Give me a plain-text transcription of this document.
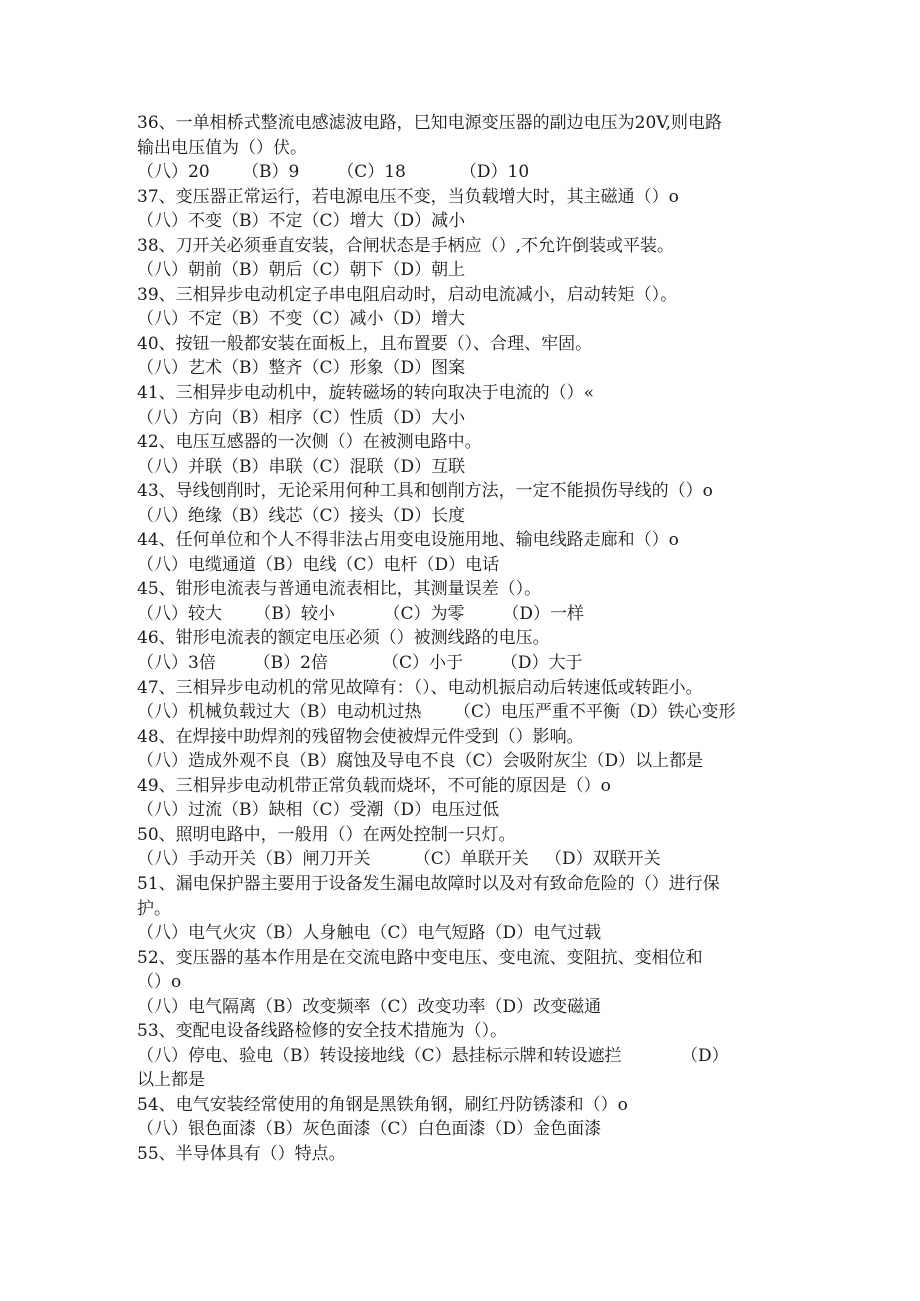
36、一单相桥式整流电感滤波电路，巳知电源变压器的副边电压为20V,则电路
输出电压值为（）伏。
（八）20      （B）9       （C）18          （D）10
37、变压器正常运行，若电源电压不变，当负载增大时，其主磁通（）o
（八）不变（B）不定（C）增大（D）减小
38、刀开关必须垂直安装，合闸状态是手柄应（）,不允许倒装或平装。
（八）朝前（B）朝后（C）朝下（D）朝上
39、三相异步电动机定子串电阻启动时，启动电流减小，启动转矩（）。
（八）不定（B）不变（C）减小（D）增大
40、按钮一般都安装在面板上，且布置要（）、合理、牢固。
（八）艺术（B）整齐（C）形象（D）图案
41、三相异步电动机中，旋转磁场的转向取决于电流的（）«
（八）方向（B）相序（C）性质（D）大小
42、电压互感器的一次侧（）在被测电路中。
（八）并联（B）串联（C）混联（D）互联
43、导线刨削时，无论采用何种工具和刨削方法，一定不能损伤导线的（）o
（八）绝缘（B）线芯（C）接头（D）长度
44、任何单位和个人不得非法占用变电设施用地、输电线路走廊和（）o
（八）电缆通道（B）电线（C）电杆（D）电话
45、钳形电流表与普通电流表相比，其测量误差（）。
（八）较大      （B）较小         （C）为零       （D）一样
46、钳形电流表的额定电压必须（）被测线路的电压。
（八）3倍       （B）2倍          （C）小于       （D）大于
47、三相异步电动机的常见故障有：（）、电动机振启动后转速低或转距小。
（八）机械负载过大（B）电动机过热      （C）电压严重不平衡（D）铁心变形
48、在焊接中助焊剂的残留物会使被焊元件受到（）影响。
（八）造成外观不良（B）腐蚀及导电不良（C）会吸附灰尘（D）以上都是
49、三相异步电动机带正常负载而烧坏，不可能的原因是（）o
（八）过流（B）缺相（C）受潮（D）电压过低
50、照明电路中，一般用（）在两处控制一只灯。
（八）手动开关（B）闸刀开关        （C）单联开关   （D）双联开关
51、漏电保护器主要用于设备发生漏电故障时以及对有致命危险的（）进行保
护。
（八）电气火灾（B）人身触电（C）电气短路（D）电气过载
52、变压器的基本作用是在交流电路中变电压、变电流、变阻抗、变相位和
（）o
（八）电气隔离（B）改变频率（C）改变功率（D）改变磁通
53、变配电设备线路检修的安全技术措施为（）。
（八）停电、验电（B）转设接地线（C）悬挂标示牌和转设遮拦           （D）
以上都是
54、电气安装经常使用的角钢是黑铁角钢，刷红丹防锈漆和（）o
（八）银色面漆（B）灰色面漆（C）白色面漆（D）金色面漆
55、半导体具有（）特点。
